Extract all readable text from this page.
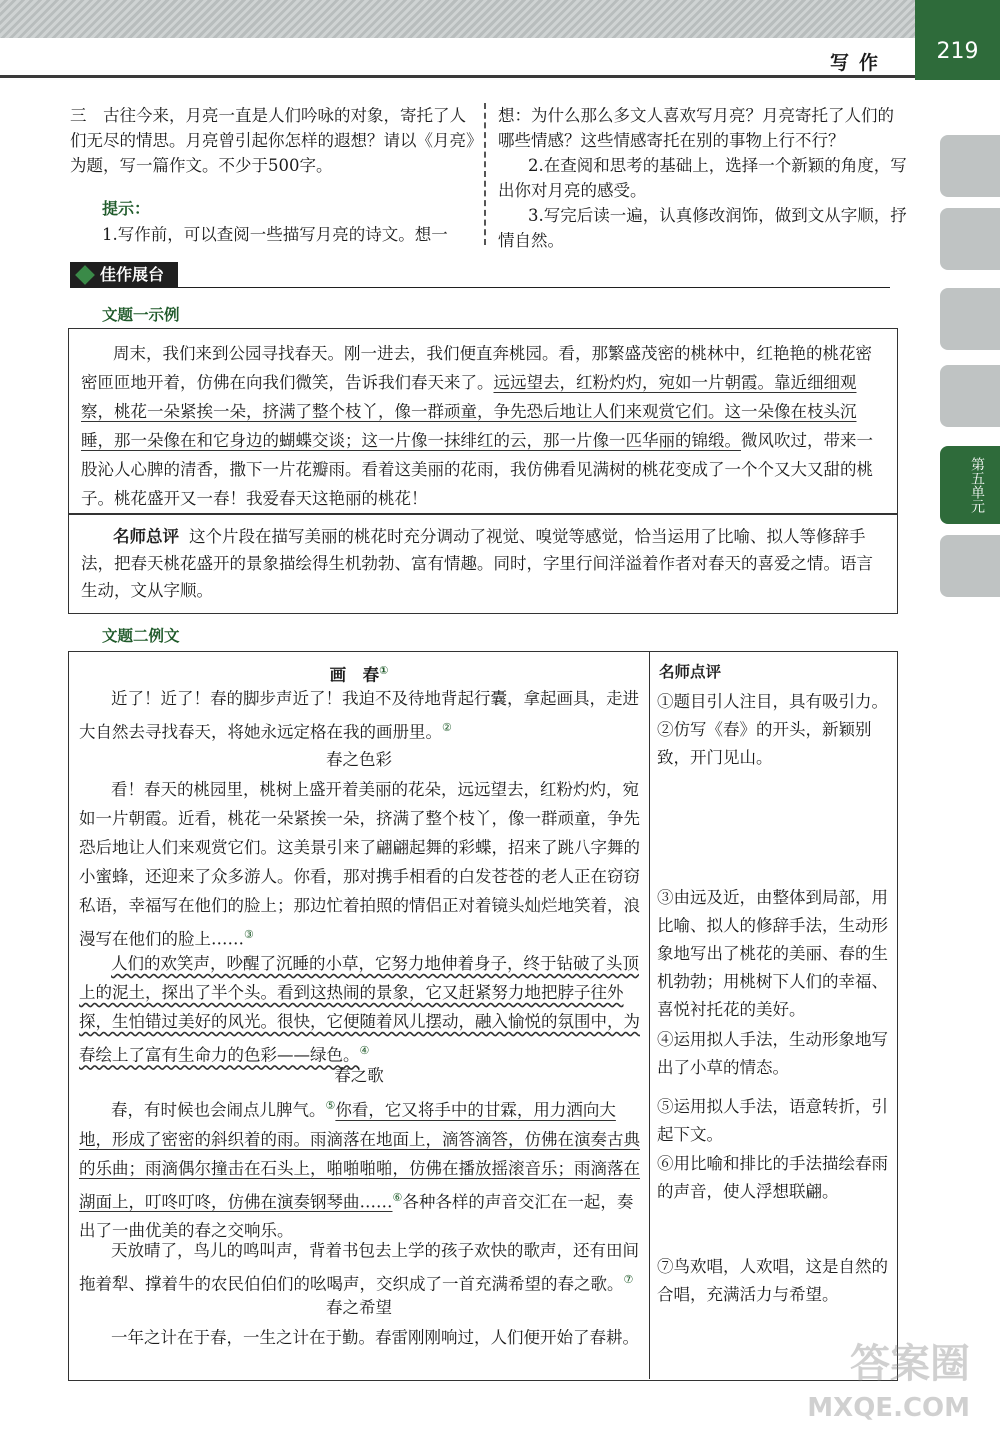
写作	219
第五单元
三　古往今来，月亮一直是人们吟咏的对象，寄托了人们无尽的情思。月亮曾引起你怎样的遐想？请以《月亮》为题，写一篇作文。不少于500字。
提示：
1.写作前，可以查阅一些描写月亮的诗文。想一
想：为什么那么多文人喜欢写月亮？月亮寄托了人们的哪些情感？这些情感寄托在别的事物上行不行？
2.在查阅和思考的基础上，选择一个新颖的角度，写出你对月亮的感受。
3.写完后读一遍，认真修改润饰，做到文从字顺，抒情自然。
佳作展台
文题一示例
周末，我们来到公园寻找春天。刚一进去，我们便直奔桃园。看，那繁盛茂密的桃林中，红艳艳的桃花密密匝匝地开着，仿佛在向我们微笑，告诉我们春天来了。远远望去，红粉灼灼，宛如一片朝霞。靠近细细观察，桃花一朵紧挨一朵，挤满了整个枝丫，像一群顽童，争先恐后地让人们来观赏它们。这一朵像在枝头沉睡，那一朵像在和它身边的蝴蝶交谈；这一片像一抹绯红的云，那一片像一匹华丽的锦缎。微风吹过，带来一股沁人心脾的清香，撒下一片花瓣雨。看着这美丽的花雨，我仿佛看见满树的桃花变成了一个个又大又甜的桃子。桃花盛开又一春！我爱春天这艳丽的桃花！
名师总评 这个片段在描写美丽的桃花时充分调动了视觉、嗅觉等感觉，恰当运用了比喻、拟人等修辞手法，把春天桃花盛开的景象描绘得生机勃勃、富有情趣。同时，字里行间洋溢着作者对春天的喜爱之情。语言生动，文从字顺。
文题二例文
画　春①
近了！近了！春的脚步声近了！我迫不及待地背起行囊，拿起画具，走进大自然去寻找春天，将她永远定格在我的画册里。②
春之色彩
看！春天的桃园里，桃树上盛开着美丽的花朵，远远望去，红粉灼灼，宛如一片朝霞。近看，桃花一朵紧挨一朵，挤满了整个枝丫，像一群顽童，争先恐后地让人们来观赏它们。这美景引来了翩翩起舞的彩蝶，招来了跳八字舞的小蜜蜂，还迎来了众多游人。你看，那对携手相看的白发苍苍的老人正在窃窃私语，幸福写在他们的脸上；那边忙着拍照的情侣正对着镜头灿烂地笑着，浪漫写在他们的脸上……③
人们的欢笑声，吵醒了沉睡的小草，它努力地伸着身子，终于钻破了头顶上的泥土，探出了半个头。看到这热闹的景象，它又赶紧努力地把脖子往外探，生怕错过美好的风光。很快，它便随着风儿摆动，融入愉悦的氛围中，为春绘上了富有生命力的色彩——绿色。④
春之歌
春，有时候也会闹点儿脾气。⑤你看，它又将手中的甘霖，用力洒向大地，形成了密密的斜织着的雨。雨滴落在地面上，滴答滴答，仿佛在演奏古典的乐曲；雨滴偶尔撞击在石头上，啪啪啪啪，仿佛在播放摇滚音乐；雨滴落在湖面上，叮咚叮咚，仿佛在演奏钢琴曲……⑥各种各样的声音交汇在一起，奏出了一曲优美的春之交响乐。
天放晴了，鸟儿的鸣叫声，背着书包去上学的孩子欢快的歌声，还有田间拖着犁、撑着牛的农民伯伯们的吆喝声，交织成了一首充满希望的春之歌。⑦
春之希望
一年之计在于春，一生之计在于勤。春雷刚刚响过，人们便开始了春耕。
名师点评
①题目引人注目，具有吸引力。
②仿写《春》的开头，新颖别致，开门见山。
③由远及近，由整体到局部，用比喻、拟人的修辞手法，生动形象地写出了桃花的美丽、春的生机勃勃；用桃树下人们的幸福、喜悦衬托花的美好。
④运用拟人手法，生动形象地写出了小草的情态。
⑤运用拟人手法，语意转折，引起下文。
⑥用比喻和排比的手法描绘春雨的声音，使人浮想联翩。
⑦鸟欢唱，人欢唱，这是自然的合唱，充满活力与希望。
答案圈
MXQE.COM
